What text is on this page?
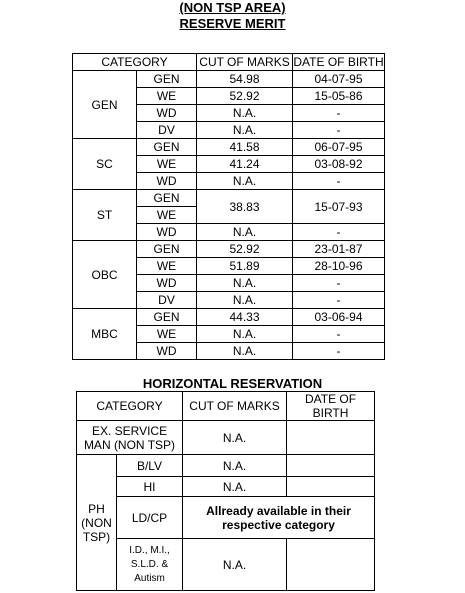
(NON TSP AREA)
RESERVE MERIT
CATEGORY		CUT OF MARKS	DATE OF BIRTH
GEN	GEN	54.98	04-07-95
	WE	52.92	15-05-86
	WD	N.A.	-
	DV	N.A.	-
SC	GEN	41.58	06-07-95
	WE	41.24	03-08-92
	WD	N.A.	-
ST	GEN	38.83	15-07-93
	WE		
	WD	N.A.	-
OBC	GEN	52.92	23-01-87
	WE	51.89	28-10-96
	WD	N.A.	-
	DV	N.A.	-
MBC	GEN	44.33	03-06-94
	WE	N.A.	-
	WD	N.A.	-
HORIZONTAL RESERVATION
CATEGORY		CUT OF MARKS	DATE OF BIRTH
EX. SERVICE MAN (NON TSP)		N.A.	
PH (NON TSP)	B/LV	N.A.	
	HI	N.A.	
	LD/CP	Allready available in their respective category	
	I.D., M.I., S.L.D. & Autism	N.A.	
